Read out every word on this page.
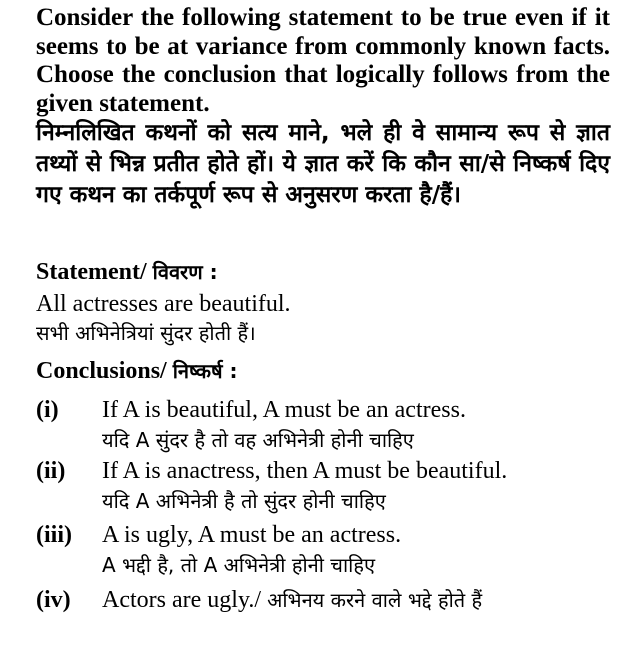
Consider the following statement to be true even if it seems to be at variance from commonly known facts. Choose the conclusion that logically follows from the given statement.
निम्नलिखित कथनों को सत्य माने, भले ही वे सामान्य रूप से ज्ञात तथ्यों से भिन्न प्रतीत होते हों। ये ज्ञात करें कि कौन सा/से निष्कर्ष दिए गए कथन का तर्कपूर्ण रूप से अनुसरण करता है/हैं।
Statement/ विवरण :
All actresses are beautiful.
सभी अभिनेत्रियां सुंदर होती हैं।
Conclusions/ निष्कर्ष :
(i) If A is beautiful, A must be an actress.
यदि A सुंदर है तो वह अभिनेत्री होनी चाहिए
(ii) If A is anactress, then A must be beautiful.
यदि A अभिनेत्री है तो सुंदर होनी चाहिए
(iii) A is ugly, A must be an actress.
A भद्दी है, तो A अभिनेत्री होनी चाहिए
(iv) Actors are ugly./ अभिनय करने वाले भद्दे होते हैं
